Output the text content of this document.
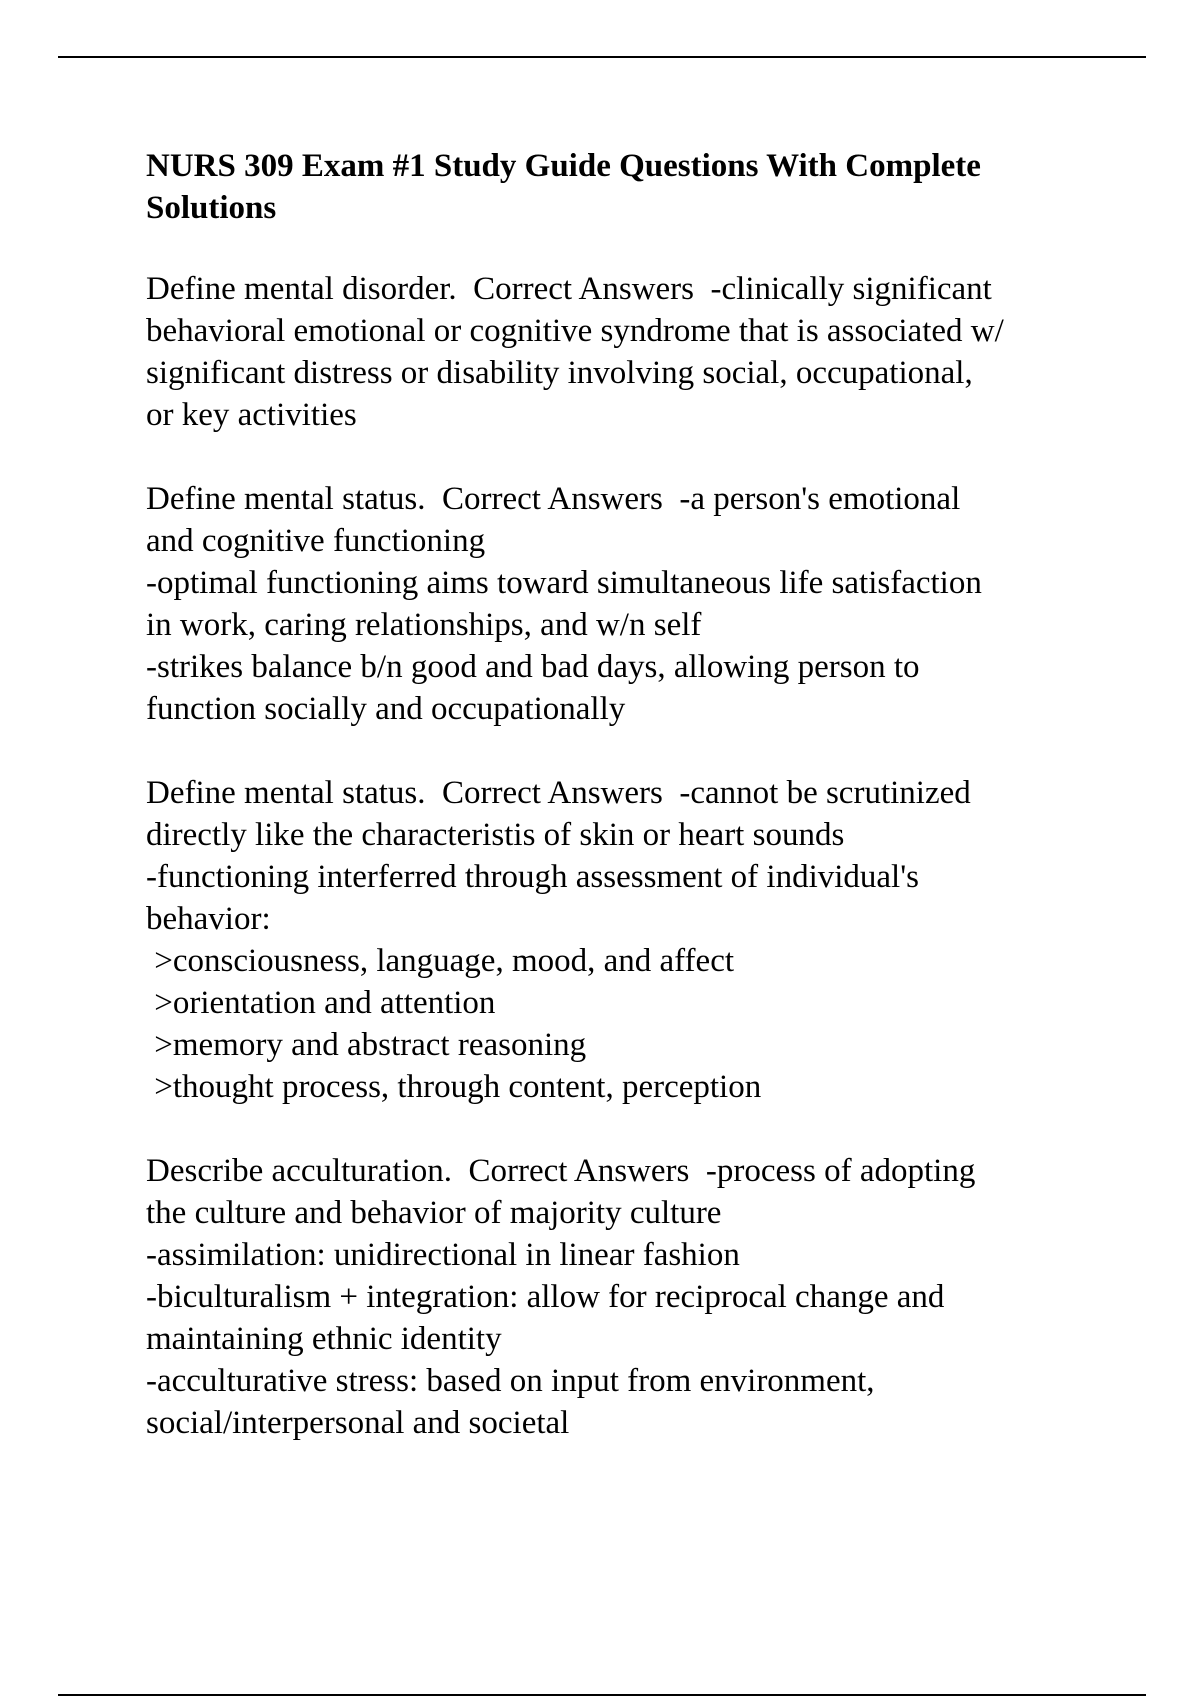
NURS 309 Exam #1 Study Guide Questions With Complete
Solutions
Define mental disorder.  Correct Answers  -clinically significant
behavioral emotional or cognitive syndrome that is associated w/
significant distress or disability involving social, occupational,
or key activities
Define mental status.  Correct Answers  -a person's emotional
and cognitive functioning
-optimal functioning aims toward simultaneous life satisfaction
in work, caring relationships, and w/n self
-strikes balance b/n good and bad days, allowing person to
function socially and occupationally
Define mental status.  Correct Answers  -cannot be scrutinized
directly like the characteristis of skin or heart sounds
-functioning interferred through assessment of individual's
behavior:
>consciousness, language, mood, and affect
>orientation and attention
>memory and abstract reasoning
>thought process, through content, perception
Describe acculturation.  Correct Answers  -process of adopting
the culture and behavior of majority culture
-assimilation: unidirectional in linear fashion
-biculturalism + integration: allow for reciprocal change and
maintaining ethnic identity
-acculturative stress: based on input from environment,
social/interpersonal and societal
